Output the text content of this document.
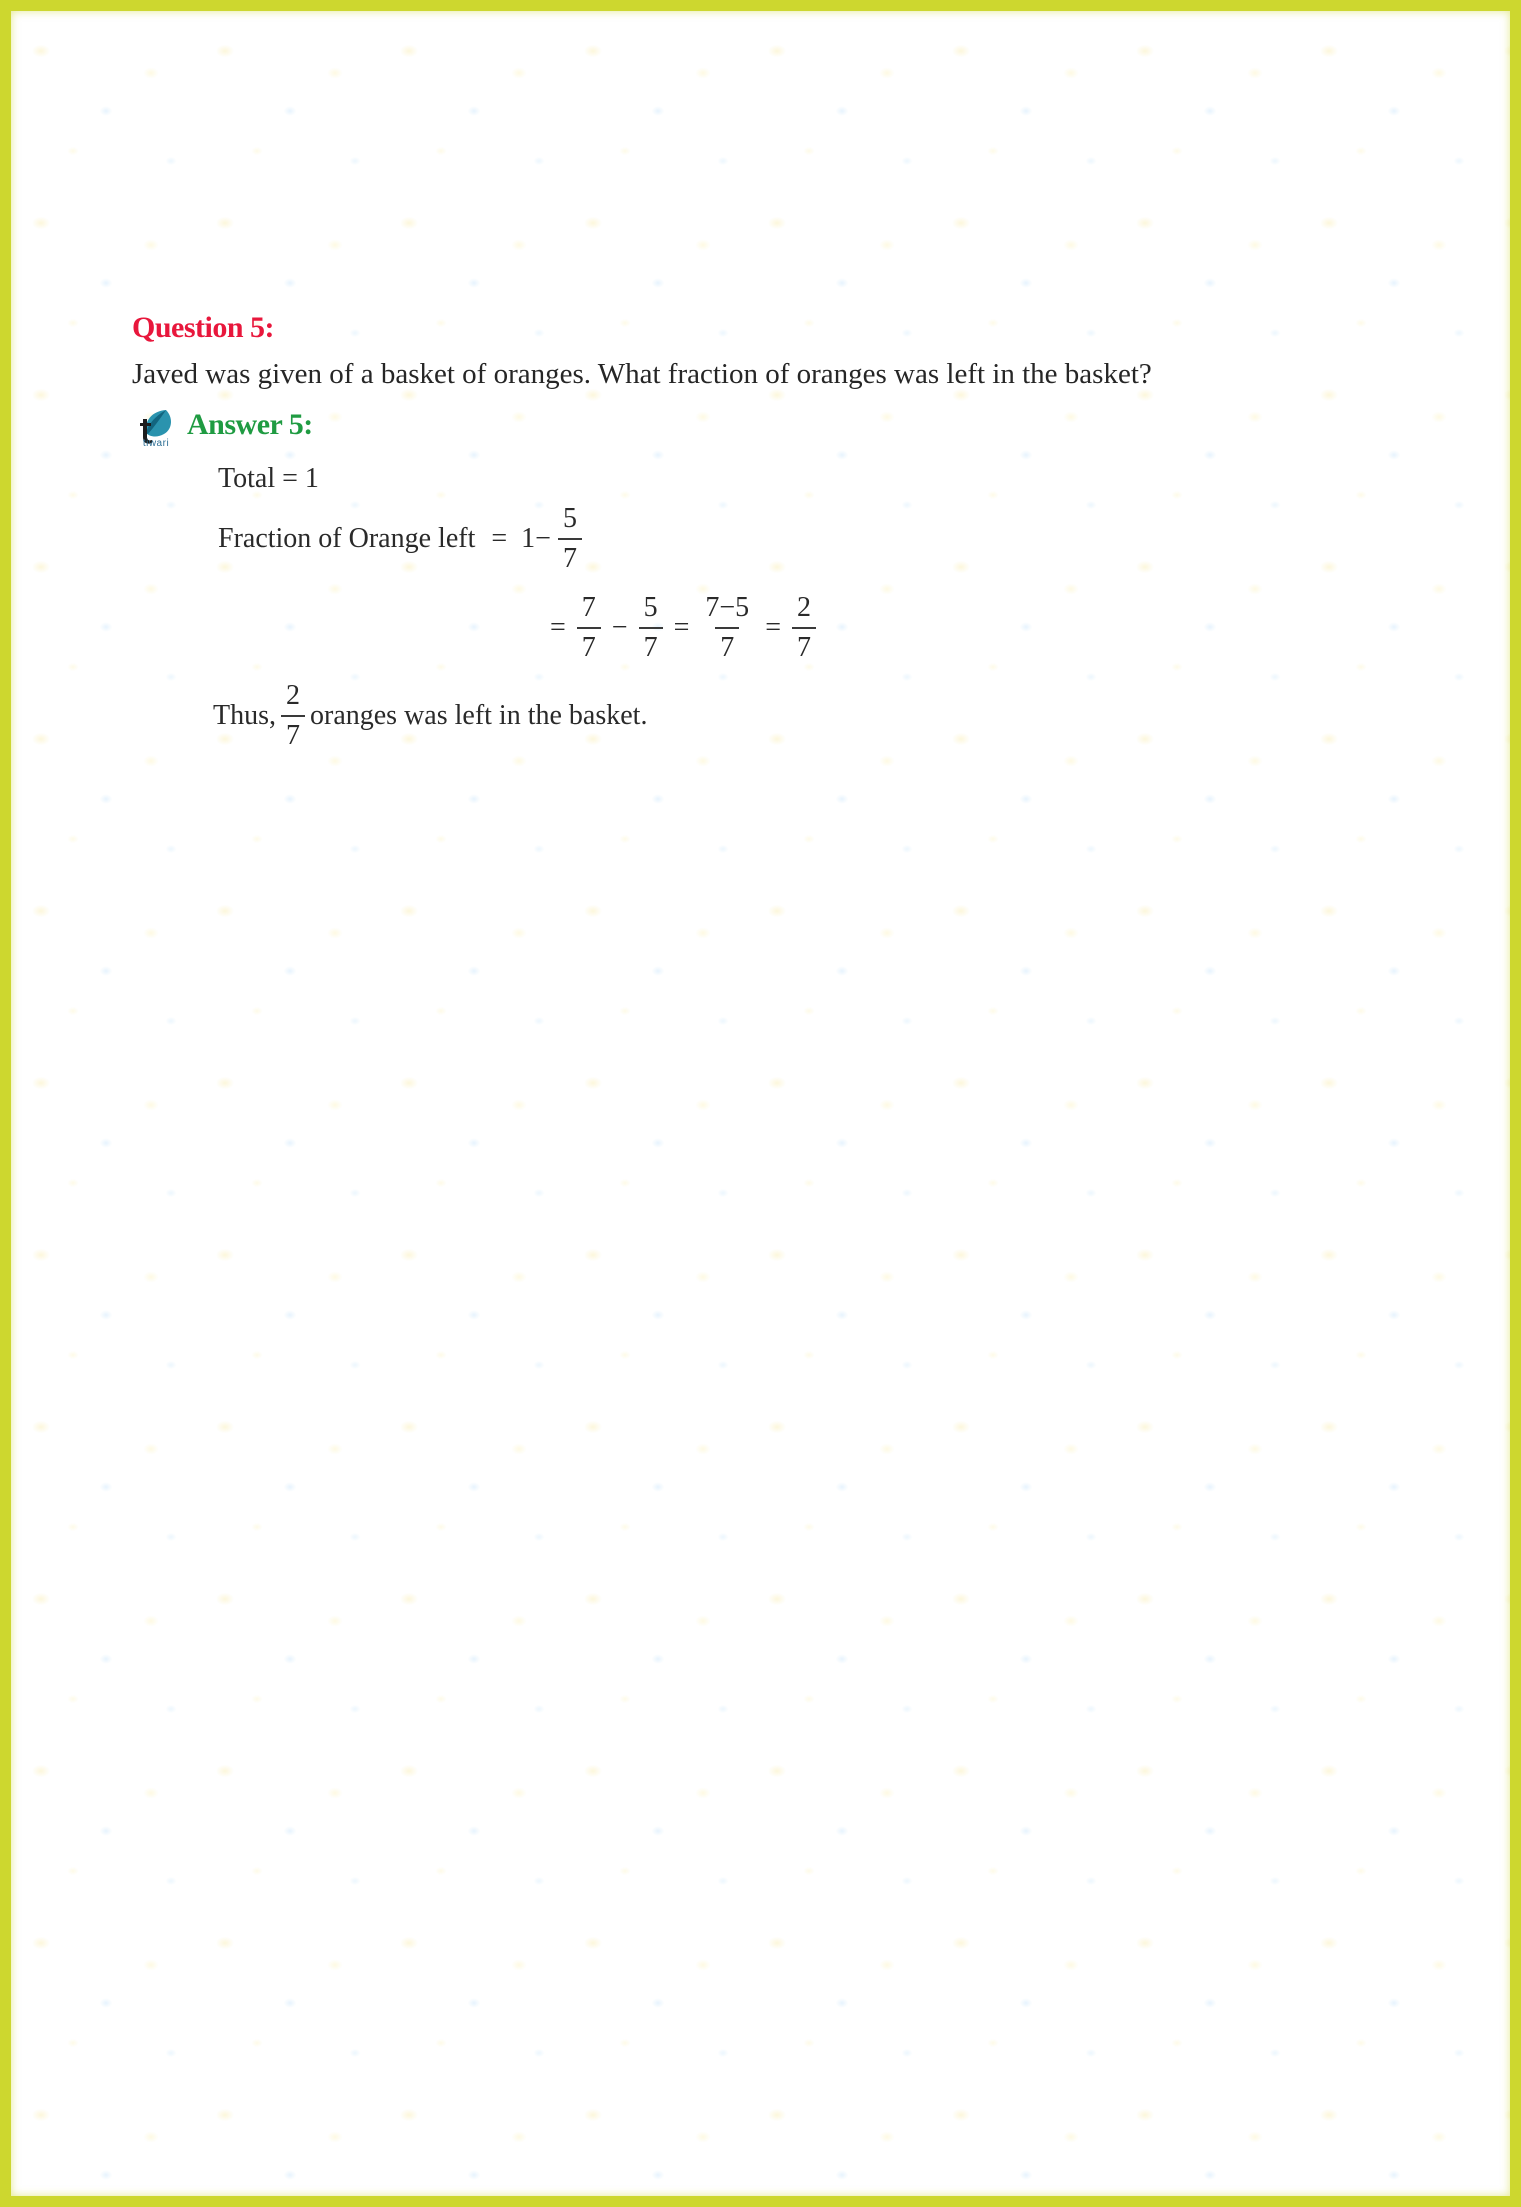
Question 5:
Javed was given of a basket of oranges. What fraction of oranges was left in the basket?
tiwari
Answer 5:
Total = 1
Fraction of Orange left = $1- \frac{5}{7}$
= $\frac{7}{7} - \frac{5}{7} = \frac{7-5}{7} = \frac{2}{7}$
Thus, $\frac{2}{7}$ oranges was left in the basket.
